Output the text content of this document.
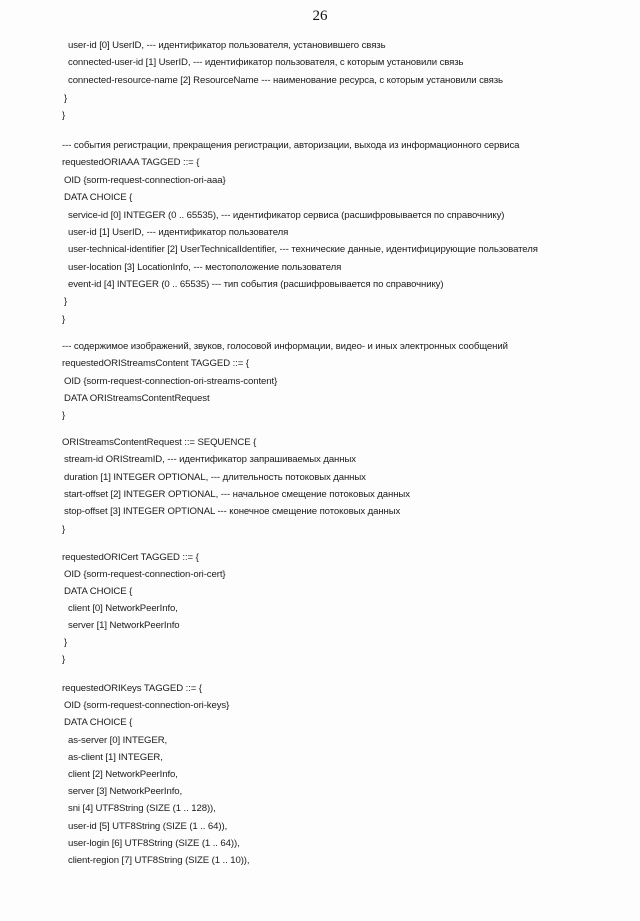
26
user-id [0] UserID, --- идентификатор пользователя, установившего связь
connected-user-id [1] UserID, --- идентификатор пользователя, с которым установили связь
connected-resource-name [2] ResourceName --- наименование ресурса, с которым установили связь
}
}
--- события регистрации, прекращения регистрации, авторизации, выхода из информационного сервиса
requestedORIAAA TAGGED ::= {
OID {sorm-request-connection-ori-aaa}
DATA CHOICE {
service-id [0] INTEGER (0 .. 65535), --- идентификатор сервиса (расшифровывается по справочнику)
user-id [1] UserID, --- идентификатор пользователя
user-technical-identifier [2] UserTechnicalIdentifier, --- технические данные, идентифицирующие пользователя
user-location [3] LocationInfo, --- местоположение пользователя
event-id [4] INTEGER (0 .. 65535) --- тип события (расшифровывается по справочнику)
}
}
--- содержимое изображений, звуков, голосовой информации, видео- и иных электронных сообщений
requestedORIStreamsContent TAGGED ::= {
OID {sorm-request-connection-ori-streams-content}
DATA ORIStreamsContentRequest
}
ORIStreamsContentRequest ::= SEQUENCE {
stream-id ORIStreamID, --- идентификатор запрашиваемых данных
duration [1] INTEGER OPTIONAL, --- длительность потоковых данных
start-offset [2] INTEGER OPTIONAL, --- начальное смещение потоковых данных
stop-offset [3] INTEGER OPTIONAL --- конечное смещение потоковых данных
}
requestedORICert TAGGED ::= {
OID {sorm-request-connection-ori-cert}
DATA CHOICE {
client [0] NetworkPeerInfo,
server [1] NetworkPeerInfo
}
}
requestedORIKeys TAGGED ::= {
OID {sorm-request-connection-ori-keys}
DATA CHOICE {
as-server [0] INTEGER,
as-client [1] INTEGER,
client [2] NetworkPeerInfo,
server [3] NetworkPeerInfo,
sni [4] UTF8String (SIZE (1 .. 128)),
user-id [5] UTF8String (SIZE (1 .. 64)),
user-login [6] UTF8String (SIZE (1 .. 64)),
client-region [7] UTF8String (SIZE (1 .. 10)),
